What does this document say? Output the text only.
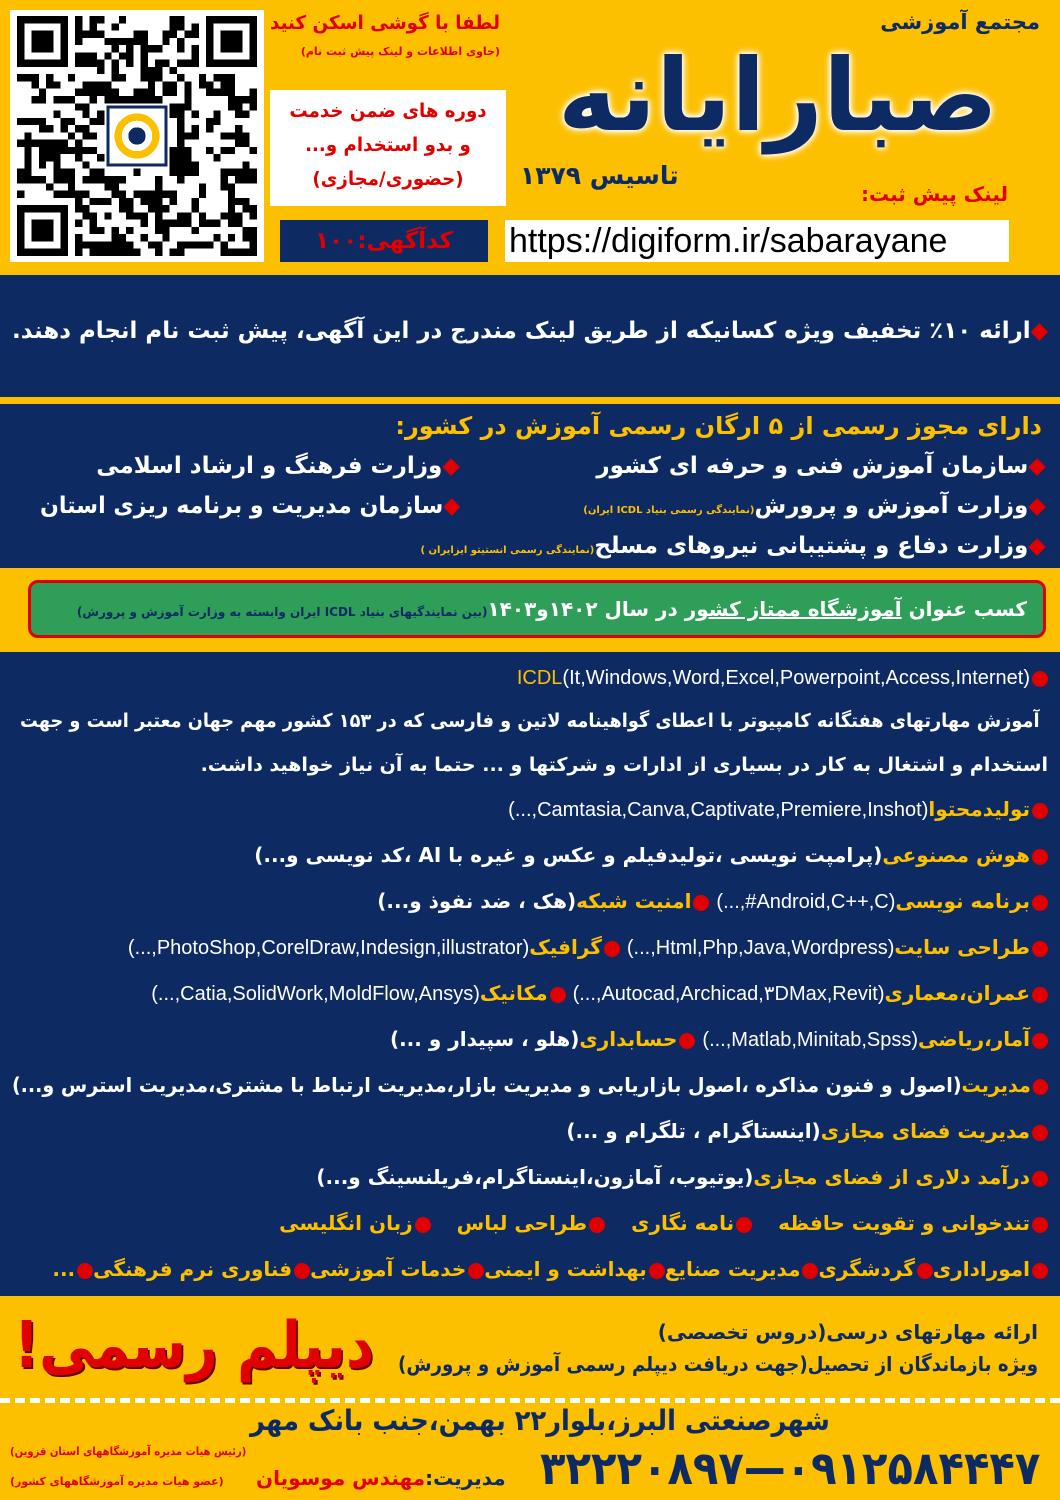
لطفا با گوشی اسکن کنید
(حاوی اطلاعات و لینک پیش ثبت نام)
دوره های ضمن خدمت
و بدو استخدام و...
(حضوری/مجازی)
کدآگهی:۱۰۰
مجتمع آموزشی
صبارایانه
تاسیس ۱۳۷۹
لینک پیش ثبت:
https://digiform.ir/sabarayane
◆ارائه ۱۰٪ تخفیف ویژه کسانیکه از طریق لینک مندرج در این آگهی، پیش ثبت نام انجام دهند.
دارای مجوز رسمی از ۵ ارگان رسمی آموزش در کشور:
◆سازمان آموزش فنی و حرفه ای کشور
◆وزارت فرهنگ و ارشاد اسلامی
◆وزارت آموزش و پرورش(نمایندگی رسمی بنیاد ICDL ایران)
◆سازمان مدیریت و برنامه ریزی استان
◆وزارت دفاع و پشتیبانی نیروهای مسلح(نمایندگی رسمی انستیتو ایزایران )
کسب عنوان آموزشگاه ممتاز کشور در سال ۱۴۰۲و۱۴۰۳(بین نمایندگیهای بنیاد ICDL ایران وابسته به وزارت آموزش و پرورش)
ICDL(It,Windows,Word,Excel,Powerpoint,Access,Internet)
آموزش مهارتهای هفتگانه کامپیوتر با اعطای گواهینامه لاتین و فارسی که در ۱۵۳ کشور مهم جهان معتبر است و جهت
استخدام و اشتغال به کار در بسیاری از ادارات و شرکتها و ... حتما به آن نیاز خواهید داشت.
تولیدمحتوا(Camtasia,Canva,Captivate,Premiere,Inshot,...)
هوش مصنوعی(پرامپت نویسی ،تولیدفیلم و عکس و غیره با AI ،کد نویسی و...)
برنامه نویسی(Android,C++,C#,...) امنیت شبکه(هک ، ضد نفوذ و...)
طراحی سایت(Html,Php,Java,Wordpress,...) گرافیک(PhotoShop,CorelDraw,Indesign,illustrator,...)
عمران،معماری(Autocad,Archicad,۳DMax,Revit,...) مکانیک(Catia,SolidWork,MoldFlow,Ansys,...)
آمار،ریاضی(Matlab,Minitab,Spss,...) حسابداری(هلو ، سپیدار و ...)
مدیریت(اصول و فنون مذاکره ،اصول بازاریابی و مدیریت بازار،مدیریت ارتباط با مشتری،مدیریت استرس و...)
مدیریت فضای مجازی(اینستاگرام ، تلگرام و ...)
درآمد دلاری از فضای مجازی(یوتیوب، آمازون،اینستاگرام،فریلنسینگ و...)
تندخوانی و تقویت حافظهنامه نگاریطراحی لباسزبان انگلیسی
اموراداریگردشگریمدیریت صنایعبهداشت و ایمنیخدمات آموزشیفناوری نرم فرهنگی...
ارائه مهارتهای درسی(دروس تخصصی)
ویژه بازماندگان از تحصیل(جهت دریافت دیپلم رسمی آموزش و پرورش)
دیپلم رسمی!
شهرصنعتی البرز،بلوار۲۲ بهمن،جنب بانک مهر
۳۲۲۲۰۸۹۷—۰۹۱۲۵۸۴۴۴۷
مدیریت:مهندس موسویان
(رئیس هیات مدیره آموزشگاههای استان قزوین)
(عضو هیات مدیره آموزشگاههای کشور)
